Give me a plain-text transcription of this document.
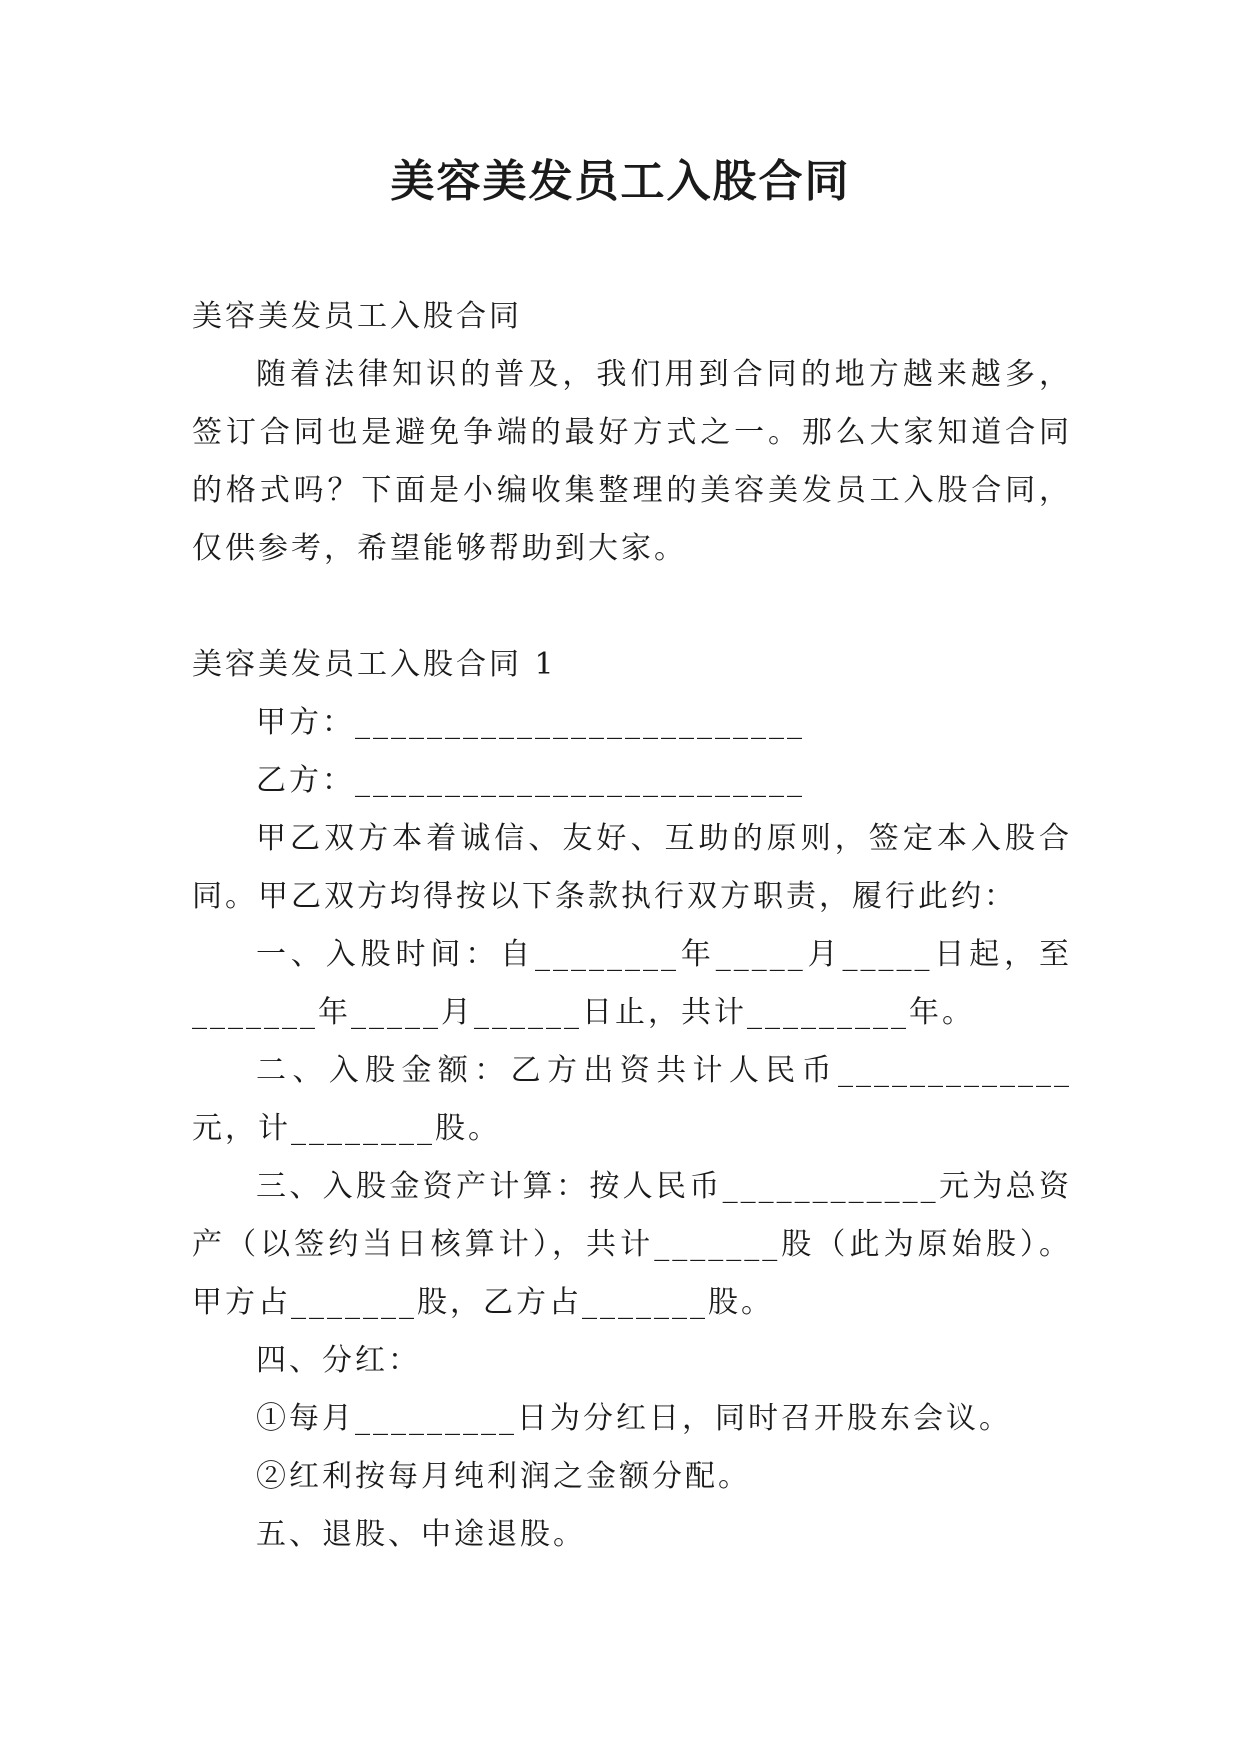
美容美发员工入股合同

美容美发员工入股合同

随着法律知识的普及，我们用到合同的地方越来越多，签订合同也是避免争端的最好方式之一。那么大家知道合同的格式吗？下面是小编收集整理的美容美发员工入股合同，仅供参考，希望能够帮助到大家。

美容美发员工入股合同 1

甲方：_________________________

乙方：_________________________

甲乙双方本着诚信、友好、互助的原则，签定本入股合同。甲乙双方均得按以下条款执行双方职责，履行此约：

一、入股时间：自________年_____月_____日起，至_______年_____月______日止，共计_________年。

二、入股金额：乙方出资共计人民币_____________元，计________股。

三、入股金资产计算：按人民币____________元为总资产（以签约当日核算计），共计_______股（此为原始股）。甲方占_______股，乙方占_______股。

四、分红：

①每月_________日为分红日，同时召开股东会议。

②红利按每月纯利润之金额分配。

五、退股、中途退股。
